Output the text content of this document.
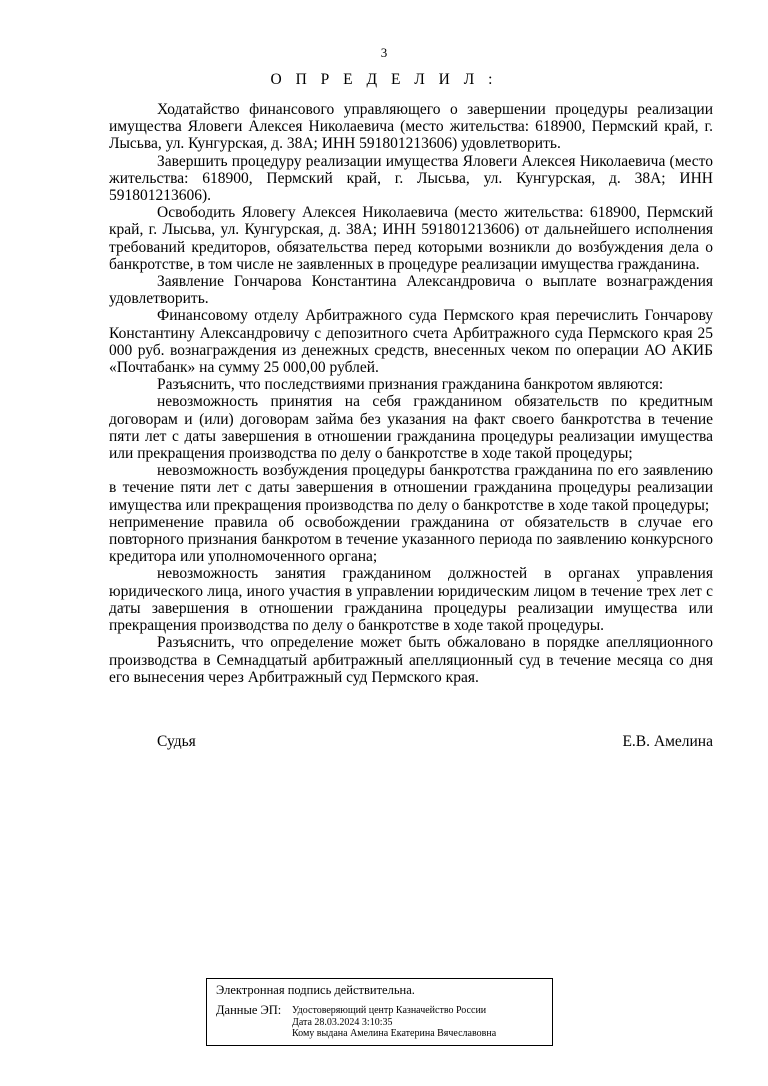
3
О П Р Е Д Е Л И Л :

Ходатайство финансового управляющего о завершении процедуры реализации имущества Яловеги Алексея Николаевича (место жительства: 618900, Пермский край, г. Лысьва, ул. Кунгурская, д. 38А; ИНН 591801213606) удовлетворить.

Завершить процедуру реализации имущества Яловеги Алексея Николаевича (место жительства: 618900, Пермский край, г. Лысьва, ул. Кунгурская, д. 38А; ИНН 591801213606).

Освободить Яловегу Алексея Николаевича (место жительства: 618900, Пермский край, г. Лысьва, ул. Кунгурская, д. 38А; ИНН 591801213606) от дальнейшего исполнения требований кредиторов, обязательства перед которыми возникли до возбуждения дела о банкротстве, в том числе не заявленных в процедуре реализации имущества гражданина.

Заявление Гончарова Константина Александровича о выплате вознаграждения удовлетворить.

Финансовому отделу Арбитражного суда Пермского края перечислить Гончарову Константину Александровичу с депозитного счета Арбитражного суда Пермского края 25 000 руб. вознаграждения из денежных средств, внесенных чеком по операции АО АКИБ «Почтабанк» на сумму 25 000,00 рублей.

Разъяснить, что последствиями признания гражданина банкротом являются:

невозможность принятия на себя гражданином обязательств по кредитным договорам и (или) договорам займа без указания на факт своего банкротства в течение пяти лет с даты завершения в отношении гражданина процедуры реализации имущества или прекращения производства по делу о банкротстве в ходе такой процедуры;

невозможность возбуждения процедуры банкротства гражданина по его заявлению в течение пяти лет с даты завершения в отношении гражданина процедуры реализации имущества или прекращения производства по делу о банкротстве в ходе такой процедуры;

неприменение правила об освобождении гражданина от обязательств в случае его повторного признания банкротом в течение указанного периода по заявлению конкурсного кредитора или уполномоченного органа;

невозможность занятия гражданином должностей в органах управления юридического лица, иного участия в управлении юридическим лицом в течение трех лет с даты завершения в отношении гражданина процедуры реализации имущества или прекращения производства по делу о банкротстве в ходе такой процедуры.

Разъяснить, что определение может быть обжаловано в порядке апелляционного производства в Семнадцатый арбитражный апелляционный суд в течение месяца со дня его вынесения через Арбитражный суд Пермского края.

Судья	Е.В. Амелина
Электронная подпись действительна.
Данные ЭП:	Удостоверяющий центр Казначейство России
Дата 28.03.2024 3:10:35
Кому выдана Амелина Екатерина Вячеславовна
